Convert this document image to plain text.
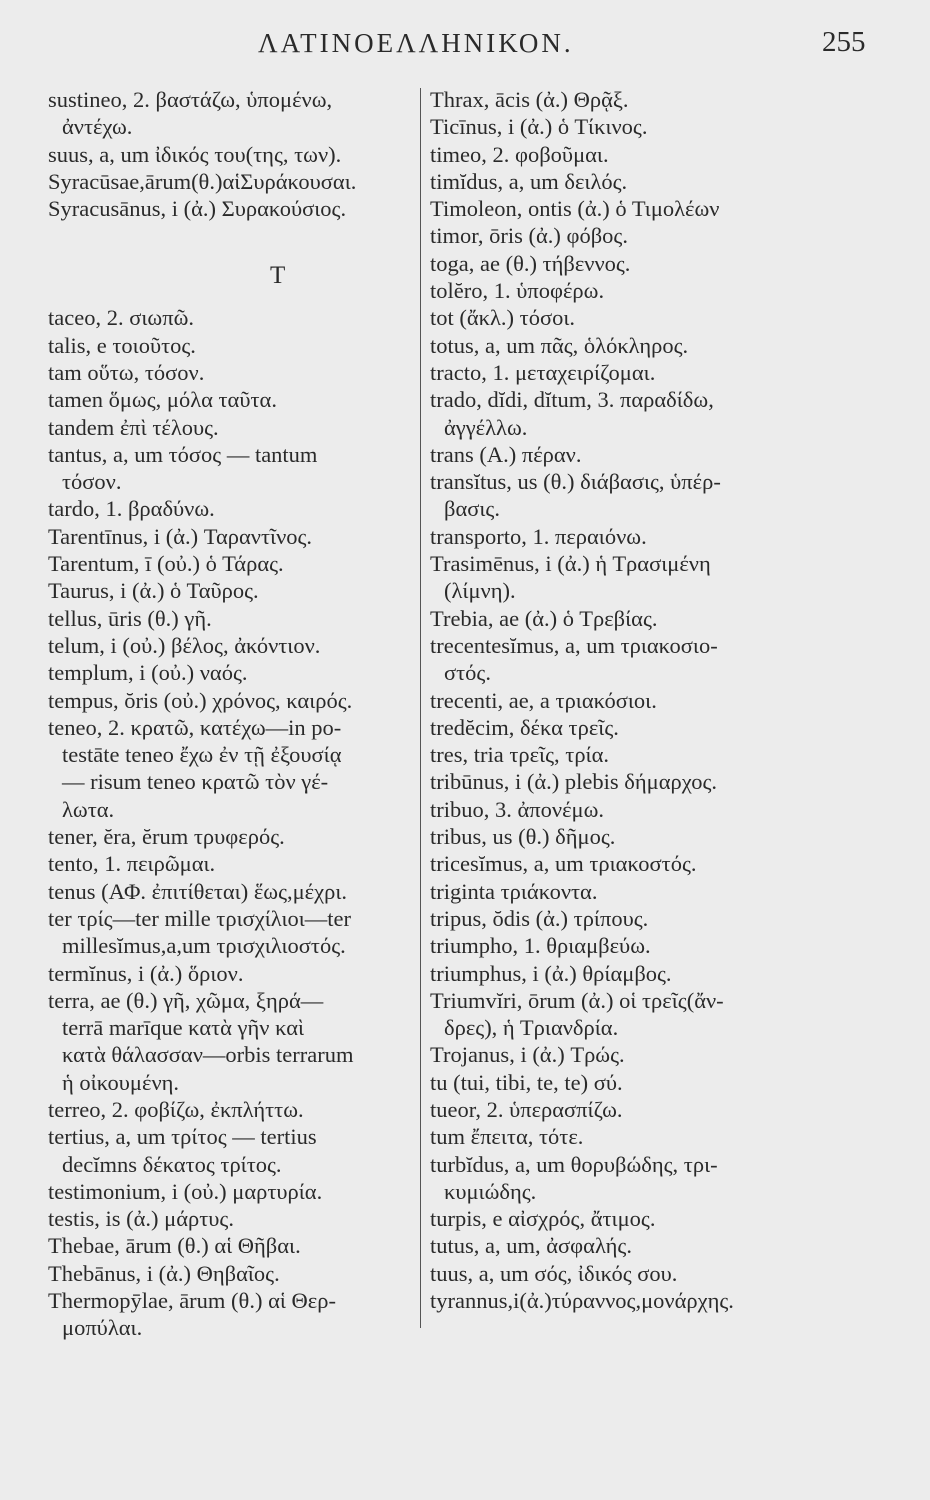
ΛΑΤΙΝΟΕΛΛΗΝΙΚΟΝ.	255
sustineo, 2. βαστάζω, ὑπομένω,
ἀντέχω.
suus, a, um ἰδικός του(της, των).
Syracūsae,ārum(θ.)αἱΣυράκουσαι.
Syracusānus, i (ἀ.) Συρακούσιος.
T
taceo, 2. σιωπῶ.
talis, e τοιοῦτος.
tam οὕτω, τόσον.
tamen ὅμως, μόλα ταῦτα.
tandem ἐπὶ τέλους.
tantus, a, um τόσος — tantum
τόσον.
tardo, 1. βραδύνω.
Tarentīnus, i (ἀ.) Ταραντῖνος.
Tarentum, ī (οὐ.) ὁ Τάρας.
Taurus, i (ἀ.) ὁ Ταῦρος.
tellus, ūris (θ.) γῆ.
telum, i (οὐ.) βέλος, ἀκόντιον.
templum, i (οὐ.) ναός.
tempus, ŏris (οὐ.) χρόνος, καιρός.
teneo, 2. κρατῶ, κατέχω—in po-
testāte teneo ἔχω ἐν τῇ ἐξουσίᾳ
— risum teneo κρατῶ τὸν γέ-
λωτα.
tener, ĕra, ĕrum τρυφερός.
tento, 1. πειρῶμαι.
tenus (ΑΦ. ἐπιτίθεται) ἕως,μέχρι.
ter τρίς—ter mille τρισχίλιοι—ter
millesĭmus,a,um τρισχιλιοστός.
termĭnus, i (ἀ.) ὅριον.
terra, ae (θ.) γῆ, χῶμα, ξηρά—
terrā marīque κατὰ γῆν καὶ
κατὰ θάλασσαν—orbis terrarum
ἡ οἰκουμένη.
terreo, 2. φοβίζω, ἐκπλήττω.
tertius, a, um τρίτος — tertius
decĭmns δέκατος τρίτος.
testimonium, i (οὐ.) μαρτυρία.
testis, is (ἀ.) μάρτυς.
Thebae, ārum (θ.) αἱ Θῆβαι.
Thebānus, i (ἀ.) Θηβαῖος.
Thermopȳlae, ārum (θ.) αἱ Θερ-
μοπύλαι.
Thrax, ācis (ἀ.) Θρᾷξ.
Ticīnus, i (ἀ.) ὁ Τίκινος.
timeo, 2. φοβοῦμαι.
timĭdus, a, um δειλός.
Timoleon, ontis (ἀ.) ὁ Τιμολέων
timor, ōris (ἀ.) φόβος.
toga, ae (θ.) τήβεννος.
tolĕro, 1. ὑποφέρω.
tot (ἄκλ.) τόσοι.
totus, a, um πᾶς, ὁλόκληρος.
tracto, 1. μεταχειρίζομαι.
trado, dĭdi, dĭtum, 3. παραδίδω,
ἀγγέλλω.
trans (A.) πέραν.
transĭtus, us (θ.) διάβασις, ὑπέρ-
βασις.
transporto, 1. περαιόνω.
Trasimēnus, i (ἀ.) ἡ Τρασιμένη
(λίμνη).
Trebia, ae (ἀ.) ὁ Τρεβίας.
trecentesĭmus, a, um τριακοσιο-
στός.
trecenti, ae, a τριακόσιοι.
tredĕcim, δέκα τρεῖς.
tres, tria τρεῖς, τρία.
tribūnus, i (ἀ.) plebis δήμαρχος.
tribuo, 3. ἀπονέμω.
tribus, us (θ.) δῆμος.
tricesĭmus, a, um τριακοστός.
triginta τριάκοντα.
tripus, ŏdis (ἀ.) τρίπους.
triumpho, 1. θριαμβεύω.
triumphus, i (ἀ.) θρίαμβος.
Triumvĭri, ōrum (ἀ.) οἱ τρεῖς(ἄν-
δρες), ἡ Τριανδρία.
Trojanus, i (ἀ.) Τρώς.
tu (tui, tibi, te, te) σύ.
tueor, 2. ὑπερασπίζω.
tum ἔπειτα, τότε.
turbĭdus, a, um θορυβώδης, τρι-
κυμιώδης.
turpis, e αἰσχρός, ἄτιμος.
tutus, a, um, ἀσφαλής.
tuus, a, um σός, ἰδικός σου.
tyrannus,i(ἀ.)τύραννος,μονάρχης.
